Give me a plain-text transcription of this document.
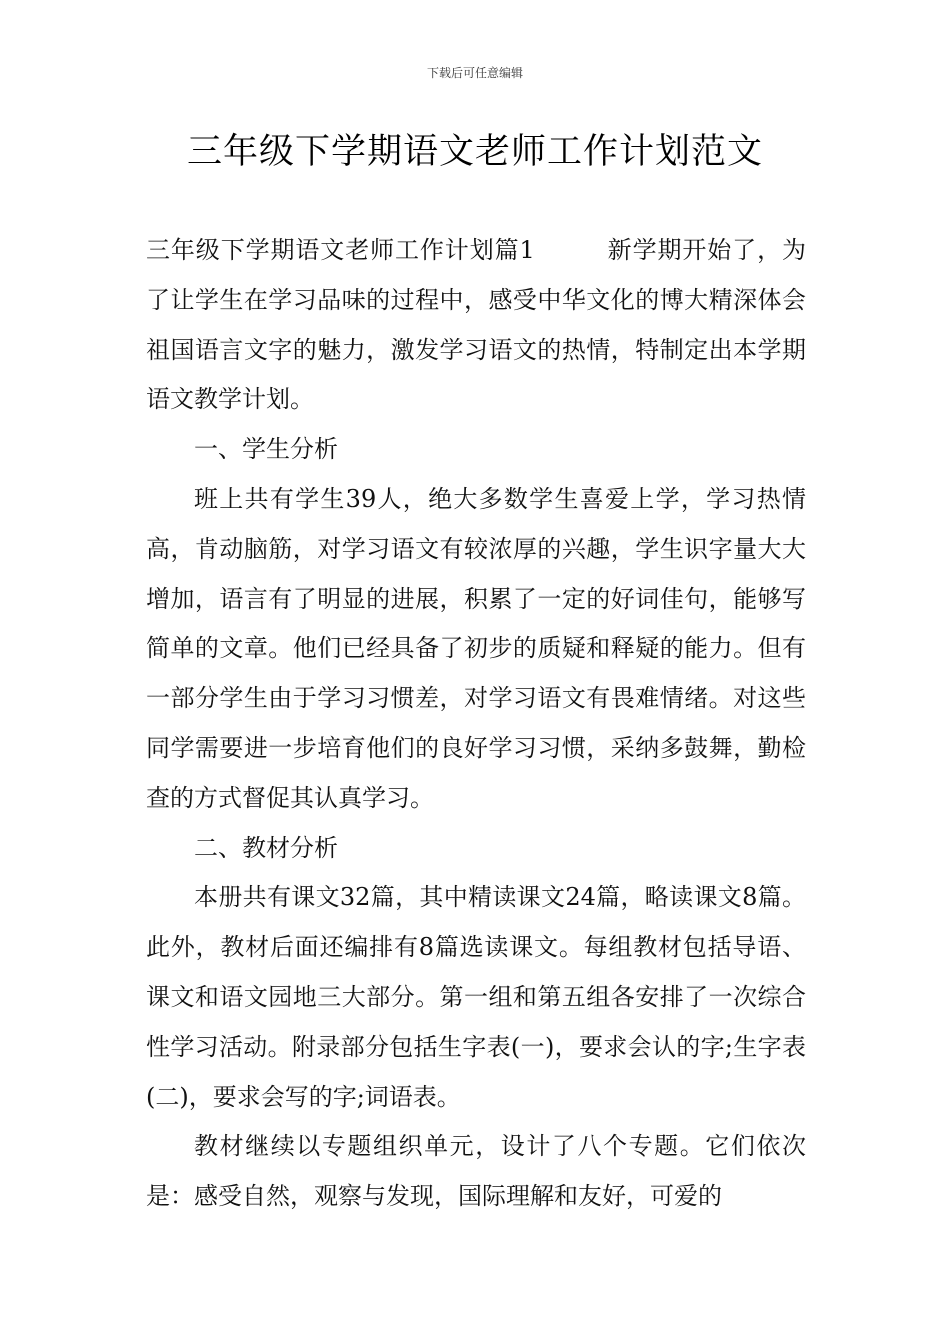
下载后可任意编辑
三年级下学期语文老师工作计划范文

三年级下学期语文老师工作计划篇1	新学期开始了，为了让学生在学习品味的过程中，感受中华文化的博大精深体会祖国语言文字的魅力，激发学习语文的热情，特制定出本学期语文教学计划。

一、学生分析

班上共有学生39人，绝大多数学生喜爱上学，学习热情高，肯动脑筋，对学习语文有较浓厚的兴趣，学生识字量大大增加，语言有了明显的进展，积累了一定的好词佳句，能够写简单的文章。他们已经具备了初步的质疑和释疑的能力。但有一部分学生由于学习习惯差，对学习语文有畏难情绪。对这些同学需要进一步培育他们的良好学习习惯，采纳多鼓舞，勤检查的方式督促其认真学习。

二、教材分析

本册共有课文32篇，其中精读课文24篇，略读课文8篇。此外，教材后面还编排有8篇选读课文。每组教材包括导语、课文和语文园地三大部分。第一组和第五组各安排了一次综合性学习活动。附录部分包括生字表(一)，要求会认的字;生字表(二)，要求会写的字;词语表。

教材继续以专题组织单元，设计了八个专题。它们依次是：感受自然，观察与发现，国际理解和友好，可爱的
